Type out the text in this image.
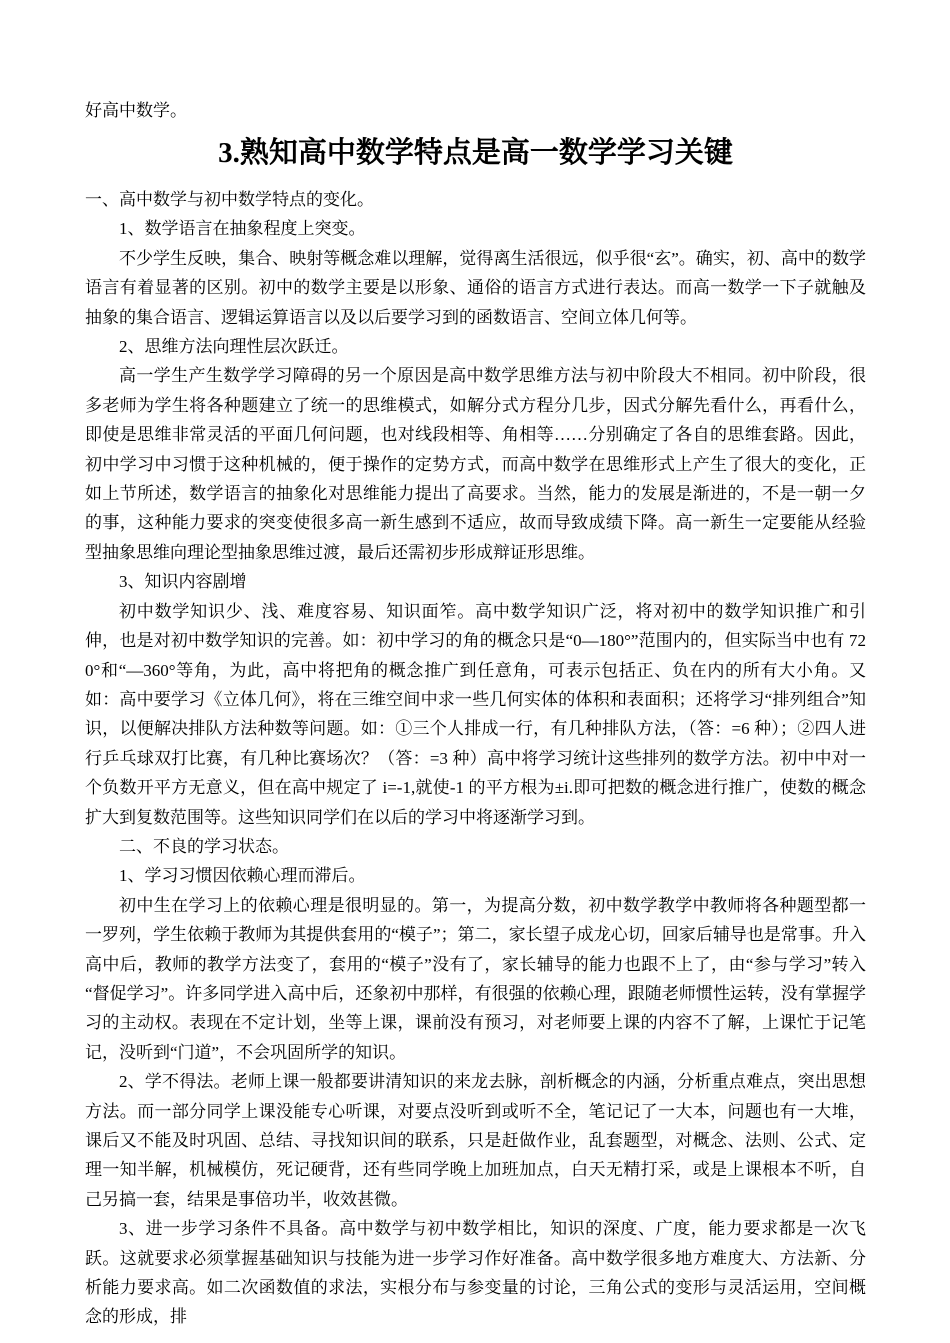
好高中数学。

3.熟知高中数学特点是高一数学学习关键

一、高中数学与初中数学特点的变化。

1、数学语言在抽象程度上突变。

不少学生反映，集合、映射等概念难以理解，觉得离生活很远，似乎很“玄”。确实，初、高中的数学语言有着显著的区别。初中的数学主要是以形象、通俗的语言方式进行表达。而高一数学一下子就触及抽象的集合语言、逻辑运算语言以及以后要学习到的函数语言、空间立体几何等。

2、思维方法向理性层次跃迁。

高一学生产生数学学习障碍的另一个原因是高中数学思维方法与初中阶段大不相同。初中阶段，很多老师为学生将各种题建立了统一的思维模式，如解分式方程分几步，因式分解先看什么，再看什么，即使是思维非常灵活的平面几何问题，也对线段相等、角相等……分别确定了各自的思维套路。因此，初中学习中习惯于这种机械的，便于操作的定势方式，而高中数学在思维形式上产生了很大的变化，正如上节所述，数学语言的抽象化对思维能力提出了高要求。当然，能力的发展是渐进的，不是一朝一夕的事，这种能力要求的突变使很多高一新生感到不适应，故而导致成绩下降。高一新生一定要能从经验型抽象思维向理论型抽象思维过渡，最后还需初步形成辩证形思维。

3、知识内容剧增

初中数学知识少、浅、难度容易、知识面笮。高中数学知识广泛，将对初中的数学知识推广和引伸，也是对初中数学知识的完善。如：初中学习的角的概念只是“0—180°”范围内的，但实际当中也有 720°和“—360°等角，为此，高中将把角的概念推广到任意角，可表示包括正、负在内的所有大小角。又如：高中要学习《立体几何》，将在三维空间中求一些几何实体的体积和表面积；还将学习“排列组合”知识，以便解决排队方法种数等问题。如：①三个人排成一行，有几种排队方法，（答：=6 种）；②四人进行乒乓球双打比赛，有几种比赛场次？（答：=3 种）高中将学习统计这些排列的数学方法。初中中对一个负数开平方无意义，但在高中规定了 i=-1,就使-1 的平方根为±i.即可把数的概念进行推广，使数的概念扩大到复数范围等。这些知识同学们在以后的学习中将逐渐学习到。

二、不良的学习状态。

1、学习习惯因依赖心理而滞后。

初中生在学习上的依赖心理是很明显的。第一，为提高分数，初中数学教学中教师将各种题型都一一罗列，学生依赖于教师为其提供套用的“模子”；第二，家长望子成龙心切，回家后辅导也是常事。升入高中后，教师的教学方法变了，套用的“模子”没有了，家长辅导的能力也跟不上了，由“参与学习”转入“督促学习”。许多同学进入高中后，还象初中那样，有很强的依赖心理，跟随老师惯性运转，没有掌握学习的主动权。表现在不定计划，坐等上课，课前没有预习，对老师要上课的内容不了解，上课忙于记笔记，没听到“门道”，不会巩固所学的知识。

2、学不得法。老师上课一般都要讲清知识的来龙去脉，剖析概念的内涵，分析重点难点，突出思想方法。而一部分同学上课没能专心听课，对要点没听到或听不全，笔记记了一大本，问题也有一大堆，课后又不能及时巩固、总结、寻找知识间的联系，只是赶做作业，乱套题型，对概念、法则、公式、定理一知半解，机械模仿，死记硬背，还有些同学晚上加班加点，白天无精打采，或是上课根本不听，自己另搞一套，结果是事倍功半，收效甚微。

3、进一步学习条件不具备。高中数学与初中数学相比，知识的深度、广度，能力要求都是一次飞跃。这就要求必须掌握基础知识与技能为进一步学习作好准备。高中数学很多地方难度大、方法新、分析能力要求高。如二次函数值的求法，实根分布与参变量的讨论，三角公式的变形与灵活运用，空间概念的形成，排
